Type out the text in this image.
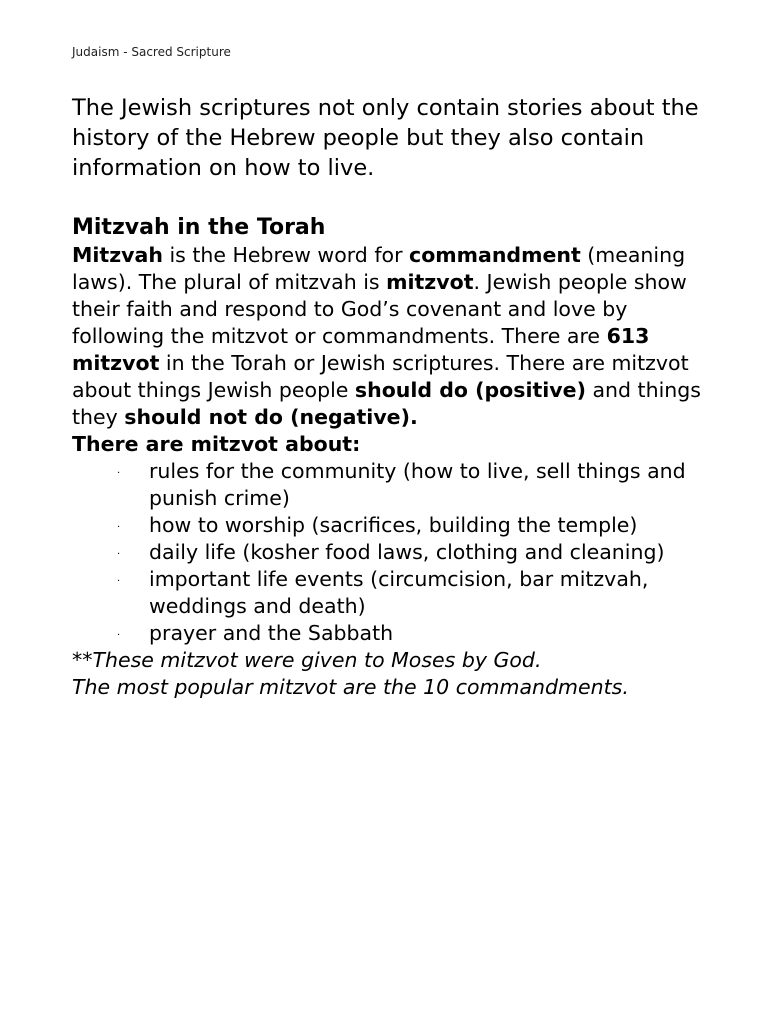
Judaism - Sacred Scripture

The Jewish scriptures not only contain stories about the history of the Hebrew people but they also contain information on how to live.

Mitzvah in the Torah

Mitzvah is the Hebrew word for commandment (meaning laws). The plural of mitzvah is mitzvot. Jewish people show their faith and respond to God’s covenant and love by following the mitzvot or commandments. There are 613 mitzvot in the Torah or Jewish scriptures. There are mitzvot about things Jewish people should do (positive) and things they should not do (negative).

There are mitzvot about:

· rules for the community (how to live, sell things and punish crime)
· how to worship (sacrifices, building the temple)
· daily life (kosher food laws, clothing and cleaning)
· important life events (circumcision, bar mitzvah, weddings and death)
· prayer and the Sabbath

**These mitzvot were given to Moses by God.

The most popular mitzvot are the 10 commandments.
